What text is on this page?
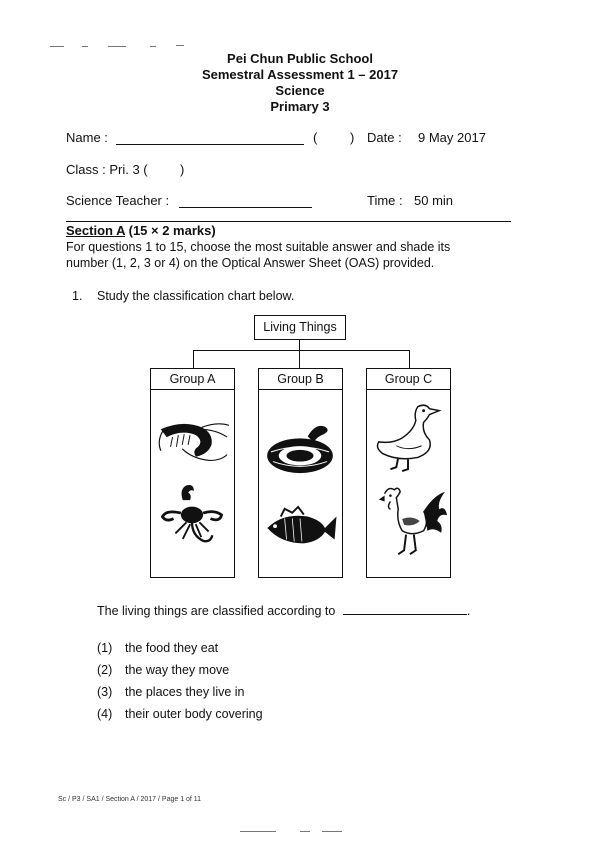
Pei Chun Public School
Semestral Assessment 1 – 2017
Science
Primary 3
Name :	(	) Date : 9 May 2017
Class : Pri. 3 ( )
Science Teacher :	Time : 50 min
Section A (15 × 2 marks)
For questions 1 to 15, choose the most suitable answer and shade its
number (1, 2, 3 or 4) on the Optical Answer Sheet (OAS) provided.
1. Study the classification chart below.
Living Things
Group A	Group B	Group C
The living things are classified according to	.
(1) the food they eat
(2) the way they move
(3) the places they live in
(4) their outer body covering
Sc / P3 / SA1 / Section A / 2017 / Page 1 of 11
